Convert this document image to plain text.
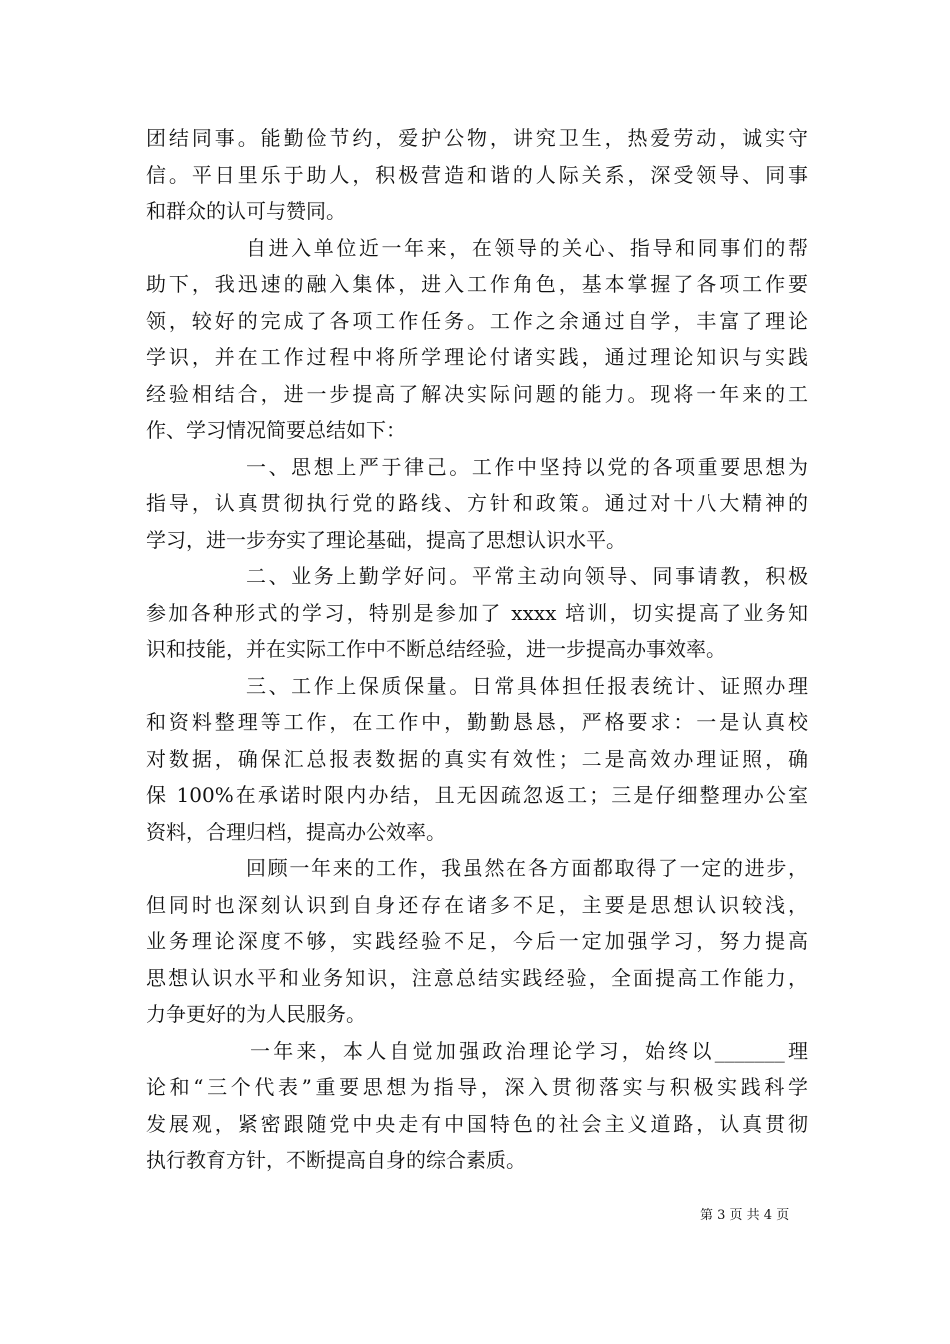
团结同事。能勤俭节约，爱护公物，讲究卫生，热爱劳动，诚实守
信。平日里乐于助人，积极营造和谐的人际关系，深受领导、同事
和群众的认可与赞同。
自进入单位近一年来，在领导的关心、指导和同事们的帮
助下，我迅速的融入集体，进入工作角色，基本掌握了各项工作要
领，较好的完成了各项工作任务。工作之余通过自学，丰富了理论
学识，并在工作过程中将所学理论付诸实践，通过理论知识与实践
经验相结合，进一步提高了解决实际问题的能力。现将一年来的工
作、学习情况简要总结如下：
一、思想上严于律己。工作中坚持以党的各项重要思想为
指导，认真贯彻执行党的路线、方针和政策。通过对十八大精神的
学习，进一步夯实了理论基础，提高了思想认识水平。
二、业务上勤学好问。平常主动向领导、同事请教，积极
参加各种形式的学习，特别是参加了 xxxx 培训，切实提高了业务知
识和技能，并在实际工作中不断总结经验，进一步提高办事效率。
三、工作上保质保量。日常具体担任报表统计、证照办理
和资料整理等工作，在工作中，勤勤恳恳，严格要求：一是认真校
对数据，确保汇总报表数据的真实有效性；二是高效办理证照，确
保 100%在承诺时限内办结，且无因疏忽返工；三是仔细整理办公室
资料，合理归档，提高办公效率。
回顾一年来的工作，我虽然在各方面都取得了一定的进步，
但同时也深刻认识到自身还存在诸多不足，主要是思想认识较浅，
业务理论深度不够，实践经验不足，今后一定加强学习，努力提高
思想认识水平和业务知识，注意总结实践经验，全面提高工作能力，
力争更好的为人民服务。
一年来，本人自觉加强政治理论学习，始终以_______理
论和“三个代表”重要思想为指导，深入贯彻落实与积极实践科学
发展观，紧密跟随党中央走有中国特色的社会主义道路，认真贯彻
执行教育方针，不断提高自身的综合素质。
第 3 页 共 4 页
